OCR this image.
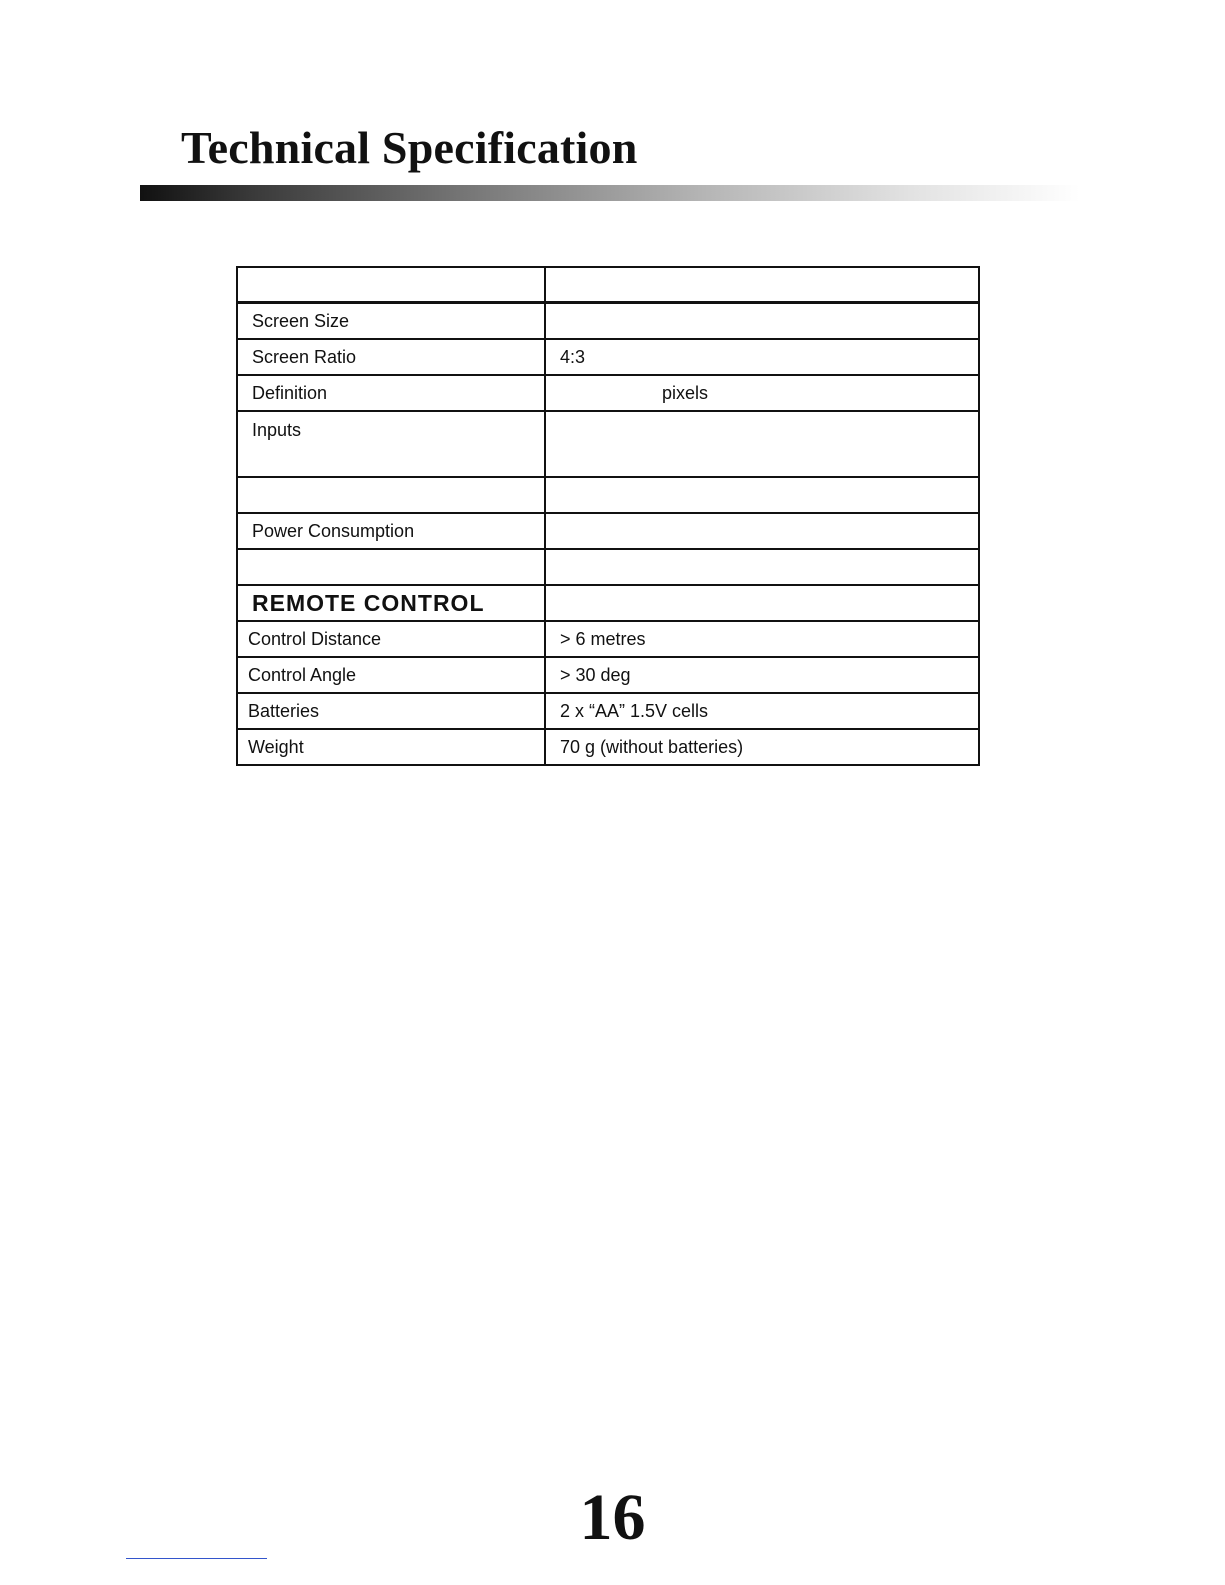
Technical Specification

Screen Size	
Screen Ratio	4:3
Definition	pixels
Inputs	

Power Consumption	

REMOTE CONTROL	
Control Distance	> 6 metres
Control Angle	> 30 deg
Batteries	2 x “AA” 1.5V cells
Weight	70 g (without batteries)
16
